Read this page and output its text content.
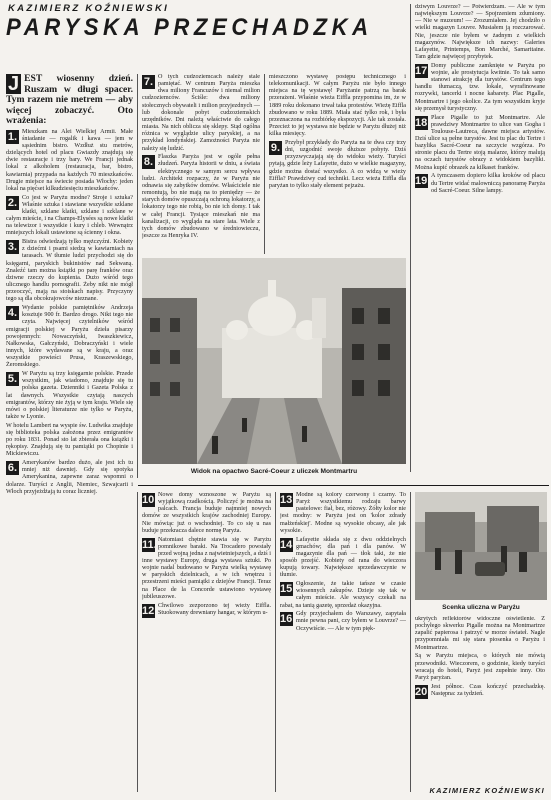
KAZIMIERZ KOŹNIEWSKI
PARYSKA PRZECHADZKA

J EST wiosenny dzień. Ruszam w długi spacer. Tym razem nie metrem — aby więcej zobaczyć. Oto wrażenia:

1. Mieszkam na Alei Wielkiej Armii. Małe śniadanie — rogalik i kawa — jem w sąsiednim bistro. Wzdłuż stu metrów, dzielących hotel od placu Gwiazdy znajdują się dwie restauracje i trzy bary. We Francji jednak lokal z alkoholem (restauracja, bar, bistro, kawiarnia) przypada na każdych 70 mieszkańców. Drugie miejsce na świecie posiada Włochy: jeden lokal na pięćset kilkudziesięciu mieszkańców.

2. Co jest w Paryżu modne? Stroje i sztuka? Właśnie sztuka i stawiane wszystkie szklane klatki, szklane klatki, szklane i szklane w całym mieście, i na Champs-Elysées są nowe klatki na telewizor i wszystkie i kury i chleb. Wewnątrz mniejszych lokali ustawione są ścienny i okna.

3. Bistra odwiedzają tylko mężczyźni. Kobiety z dziećmi i psami siedzą w kawiarniach na tarasach. W tłumie ludzi przychodzi się do księgarni, paryskich bukinistów nad Sekwaną. Znaleźć tam można książki po parę franków oraz dziwne rzeczy do kupienia. Dużo wśród tego ulicznego handlu pornografii. Żeby nikt nie mógł przeoczyć, mają na stoiskach napisy. Przyczyny tego są dla obcokrajowców nieznane.

4. Wydanie polskie pamiętników Andrzeja kosztuje 900 fr. Bardzo drogo. Nikt tego nie czyta. Najwięcej czytelników wśród emigracji polskiej w Paryżu dzieła pisarzy powojennych: Nowaczyński, Iwaszkiewicz, Nałkowska, Gałczyński, Dobraczyński i wiele innych, które wydawane są w kraju, a oraz wszystkie powieści Prusa, Kraszewskiego, Żeromskiego.

5. W Paryżu są trzy księgarnie polskie. Przede wszystkim, jak wiadomo, znajduje się tu polska gazeta. Dzienniki i Gazeta Polska z lat dawnych. Wszystkie czytają naszych emigrantów, którzy nie żyją w tym kraju. Wiele się mówi o polskiej literaturze nie tylko w Paryżu, także w Lyonie.

W hotelu Lambert na wyspie św. Ludwika znajduje się biblioteka polska założona przez emigrantów po roku 1831. Ponad sto lat zbierała ona książki i rękopisy. Znajdują się tu pamiątki po Chopinie i Mickiewiczu.

6. Amerykanów bardzo dużo, ale jest ich tu mniej niż dawniej. Gdy się spotyka Amerykanina, zapewne zaraz wspomni o dolarze. Turyści z Anglii, Niemiec, Szwajcarii i Włoch przyjeżdżają tu coraz liczniej.

7. O tych cudzoziemcach należy stale pamiętać. W centrum Paryża mieszka dwa miliony Francuzów i niemal milion cudzoziemców. Ściśle: dwa miliony stołecznych obywateli i milion przyjezdnych — lub dokonale pobyt cudzoziemskich urzędników. Dni należą właściwie do całego miasta. Na nich oblicza się sklepy. Stąd ogólna różnica w wyglądzie ulicy paryskiej, a na przykład londyńskiej. Zamożności Paryża nie należy się ludzić.

8. Flaszka Paryża jest w ogóle pełna złudzeń. Paryża historii w dniu, a świata elektrycznego w samym sercu wpływa ludzi. Architekt rozpaczy, że w Paryżu nie odnawia się zabytków domów. Właściciele nie remontują, bo nie mają na to pieniędzy — że starych domów opuszczają ochroną lokatorzy, a lokatorzy tego nie robią, bo nie ich domy. I tak w całej Francji. Tysiące mieszkań nie ma kanalizacji, co wygląda na stare lata. Wiele z tych domów zbudowano w średniowieczu, jeszcze za Henryka IV.

mieszczono wystawę postępu technicznego i telekomunikacji. W całym Paryżu nie było innego miejsca na tę wystawę! Paryżanie patrzą na barak przerażeni. Właśnie wieża Eiffla przypomina im, że w 1889 roku dokonano trwał taka protestów. Wieżę Eiffla zbudowano w roku 1889. Miała stać tylko rok, i była przeznaczona na rozbiórkę ekspozycji. Ale tak została. Przecież to jej wystawa nie będzie w Paryżu dłużej niż kilka miesięcy.

9. Przybył przykłady do Paryża na te dwa czy trzy dni, uzgodnić swoje dłuższe pobyty. Dziś przyzwyczajają się do widoku wieży. Turyści pytają, gdzie leży Lafayette, dużo w wielkie magazyny, gdzie można dostać wszystko. A co widzą w wieży Eiffla? Prawdziwy cud techniki. Lecz wieża Eiffla dla paryżan to tylko stały element pejzażu.

Widok na opactwo Sacré-Coeur z uliczek Montmartru

dziwym Louvrze? — Potwierdzam. — Ale w tym największym Louvrze? — Spojrzeniem zdumiony. — Nie w muzeum! — Zrozumiałem. Jej chodziło o wielki magazyn Louvre. Musiałem ją rozczarować. Nie, jeszcze nie byłem w żadnym z wielkich magazynów. Największe ich nazwy: Galeries Lafayette, Printemps, Bon Marché, Samaritaine. Tam gdzie najwięcej przybytek.

17. Domy publiczne zamknięte w Paryżu po wojnie, ale prostytucja kwitnie. To tak samo stanowi atrakcję dla turystów. Centrum tego handlu tłumaczą, tzw. lokale, wyrafinowane rozrywki, tancerki i nocne kabarety. Plac Pigalle, Montmartre i jego okolice. Za tym wszystkim kryje się przemysł turystyczny.

18. Place Pigalle to już Montmartre. Ale prawdziwy Montmartre to ulice van Gogha i Toulouse-Lautreca, dawne miejsca artystów. Dziś ulice są pełne turystów. Jest tu plac du Tertre i bazylika Sacré-Coeur na szczycie wzgórza. Po stronie placu du Tertre stoją malarze, którzy malują na oczach turystów obrazy z widokiem bazyliki. Można kupić obrazek za kilkaset franków.

19. A tymczasem dopiero kilka kroków od placu du Tertre widać malowniczą panoramę Paryża od Sacré-Coeur. Silne lampy.

10. Nowe domy wznoszone w Paryżu są wyjątkową rzadkością. Policzyć je można na palcach. Francja buduje najmniej nowych domów ze wszystkich krajów zachodniej Europy. Nie mówiąc już o wschodniej. To co się u nas buduje przekracza dalece normę Paryża.

11. Natomiast chętnie stawia się w Paryżu pomnikowe baraki. Na Trocadero powstały przed wojną jedna z najwietniejszych, a dziś i inne wystawy Europy, druga wystawa sztuki. Po wojnie nadal budowano w Paryżu wielką wystawę w paryskich dzielnicach, a w ich wnętrzu i przestrzeni mieści pamiątki z dziejów Francji. Teraz na Place de la Concorde ustawiono wystawę jubileuszowe.

12. Chwilowo zezporzono tej wieży Eiffla. Stuokowany drewniany hangar, w którym u-

13. Modne są kolory czerwony i czarny. To Paryż wszystkiemu rodzaju barwy pastelowe: fiał, bez, różowy. Żółty kolor nie jest modny: w Paryżu jest on 'kolor zdrady małżeńskiej'. Modne są wysokie obcasy, ale jak wysokie.

14. Lafayette składa się z dwu oddzielnych gmachów; dla pań i dla panów. W magazynie dla pań — tłok taki, że nie sposób przejść. Kobiety od rana do wieczora kupują towary. Największe sprzedawczynie w tłumie.

15. Ogłoszenie, że takie tańsze w czasie wiosennych zakupów. Dzieje się tak w całym mieście. Ale wszyscy czekali na rabat, na tanią gazetę, sprzedaż okazyjna.

16. Gdy przyjechałem do Warszawy, zapytała mnie pewna pani, czy byłem w Louvrze? — Oczywiście. — Ale w tym pięk-

Scenka uliczna w Paryżu

ukrytych reflektorów widoczne oświetlenie. Z pochyłego skwerku Pigalle można na Montmartrze zapalić papierosa i patrzyć w morze świateł. Nagle przypomniała mi się stara piosenka o Paryżu i Montmartrze.

Są w Paryżu miejsca, o których nie mówią przewodniki. Wieczorem, o godzinie, kiedy turyści wracają do hoteli, Paryż jest zupełnie inny. Oto Paryż paryżan.

20. Jest północ. Czas kończyć przechadzkę. Następna: za tydzień.

KAZIMIERZ KOŹNIEWSKI
